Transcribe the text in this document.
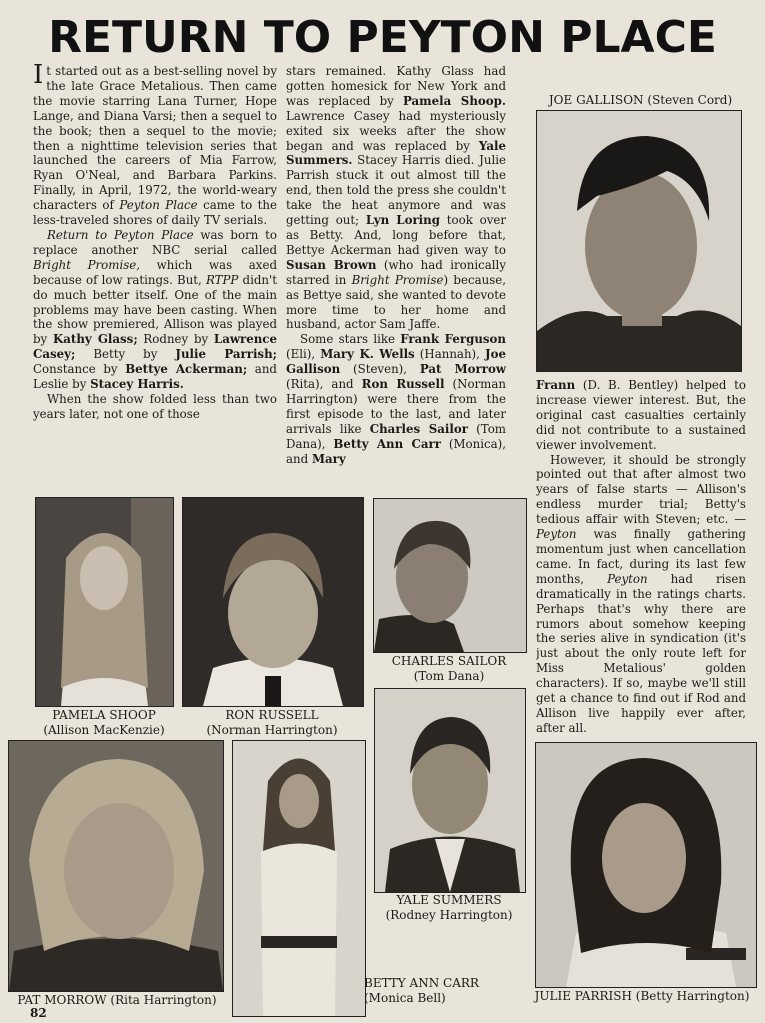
RETURN TO PEYTON PLACE

It started out as a best-selling novel by the late Grace Metalious. Then came the movie starring Lana Turner, Hope Lange, and Diana Varsi; then a sequel to the book; then a sequel to the movie; then a nighttime television series that launched the careers of Mia Farrow, Ryan O'Neal, and Barbara Parkins. Finally, in April, 1972, the world-weary characters of Peyton Place came to the less-traveled shores of daily TV serials.

Return to Peyton Place was born to replace another NBC serial called Bright Promise, which was axed because of low ratings. But, RTPP didn't do much better itself. One of the main problems may have been casting. When the show premiered, Allison was played by Kathy Glass; Rodney by Lawrence Casey; Betty by Julie Parrish; Constance by Bettye Ackerman; and Leslie by Stacey Harris.

When the show folded less than two years later, not one of those

stars remained. Kathy Glass had gotten homesick for New York and was replaced by Pamela Shoop. Lawrence Casey had mysteriously exited six weeks after the show began and was replaced by Yale Summers. Stacey Harris died. Julie Parrish stuck it out almost till the end, then told the press she couldn't take the heat anymore and was getting out; Lyn Loring took over as Betty. And, long before that, Bettye Ackerman had given way to Susan Brown (who had ironically starred in Bright Promise) because, as Bettye said, she wanted to devote more time to her home and husband, actor Sam Jaffe.

Some stars like Frank Ferguson (Eli), Mary K. Wells (Hannah), Joe Gallison (Steven), Pat Morrow (Rita), and Ron Russell (Norman Harrington) were there from the first episode to the last, and later arrivals like Charles Sailor (Tom Dana), Betty Ann Carr (Monica), and Mary

JOE GALLISON (Steven Cord)

Frann (D. B. Bentley) helped to increase viewer interest. But, the original cast casualties certainly did not contribute to a sustained viewer involvement.

However, it should be strongly pointed out that after almost two years of false starts — Allison's endless murder trial; Betty's tedious affair with Steven; etc. — Peyton was finally gathering momentum just when cancellation came. In fact, during its last few months, Peyton had risen dramatically in the ratings charts. Perhaps that's why there are rumors about somehow keeping the series alive in syndication (it's just about the only route left for Miss Metalious' golden characters). If so, maybe we'll still get a chance to find out if Rod and Allison live happily ever after, after all.

PAMELA SHOOP
(Allison MacKenzie)
RON RUSSELL
(Norman Harrington)
CHARLES SAILOR
(Tom Dana)
YALE SUMMERS
(Rodney Harrington)
PAT MORROW (Rita Harrington)
BETTY ANN CARR
(Monica Bell)	JULIE PARRISH (Betty Harrington)
82
